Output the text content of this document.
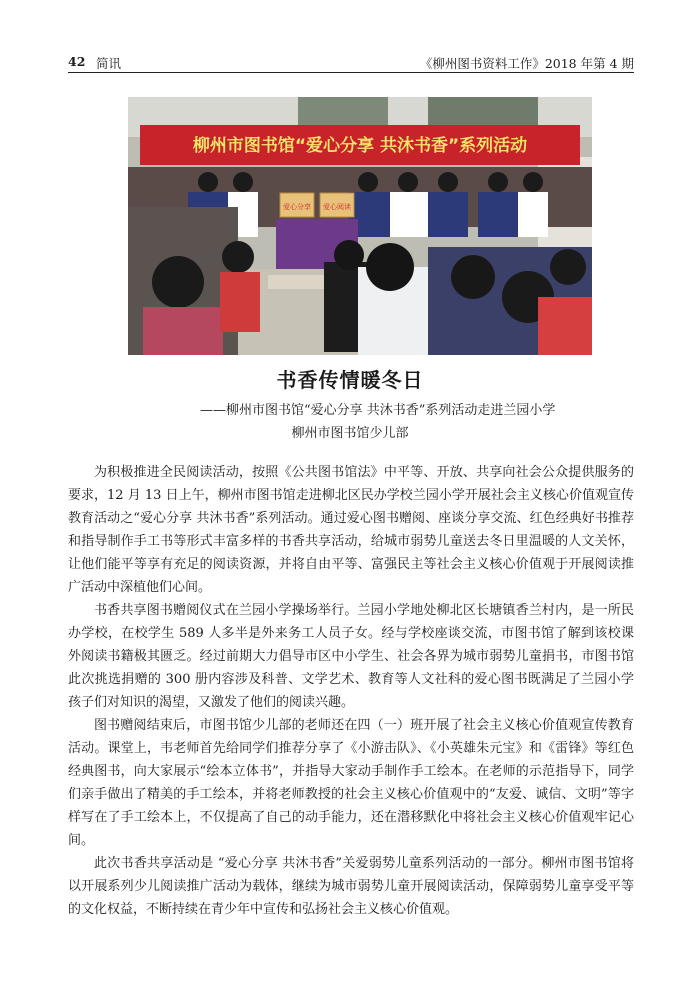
42 简讯	《柳州图书资料工作》2018 年第 4 期
柳州市图书馆“爱心分享 共沐书香”系列活动
爱心分享 爱心阅读
书香传情暖冬日
——柳州市图书馆“爱心分享 共沐书香”系列活动走进兰园小学
柳州市图书馆少儿部

为积极推进全民阅读活动，按照《公共图书馆法》中平等、开放、共享向社会公众提供服务的要求，12 月 13 日上午，柳州市图书馆走进柳北区民办学校兰园小学开展社会主义核心价值观宣传教育活动之“爱心分享 共沐书香”系列活动。通过爱心图书赠阅、座谈分享交流、红色经典好书推荐和指导制作手工书等形式丰富多样的书香共享活动，给城市弱势儿童送去冬日里温暖的人文关怀，让他们能平等享有充足的阅读资源，并将自由平等、富强民主等社会主义核心价值观于开展阅读推广活动中深植他们心间。

书香共享图书赠阅仪式在兰园小学操场举行。兰园小学地处柳北区长塘镇香兰村内，是一所民办学校，在校学生 589 人多半是外来务工人员子女。经与学校座谈交流，市图书馆了解到该校课外阅读书籍极其匮乏。经过前期大力倡导市区中小学生、社会各界为城市弱势儿童捐书，市图书馆此次挑选捐赠的 300 册内容涉及科普、文学艺术、教育等人文社科的爱心图书既满足了兰园小学孩子们对知识的渴望，又激发了他们的阅读兴趣。

图书赠阅结束后，市图书馆少儿部的老师还在四（一）班开展了社会主义核心价值观宣传教育活动。课堂上，韦老师首先给同学们推荐分享了《小游击队》、《小英雄朱元宝》和《雷锋》等红色经典图书，向大家展示“绘本立体书”，并指导大家动手制作手工绘本。在老师的示范指导下，同学们亲手做出了精美的手工绘本，并将老师教授的社会主义核心价值观中的“友爱、诚信、文明”等字样写在了手工绘本上，不仅提高了自己的动手能力，还在潜移默化中将社会主义核心价值观牢记心间。

此次书香共享活动是 “爱心分享 共沐书香”关爱弱势儿童系列活动的一部分。柳州市图书馆将以开展系列少儿阅读推广活动为载体，继续为城市弱势儿童开展阅读活动，保障弱势儿童享受平等的文化权益，不断持续在青少年中宣传和弘扬社会主义核心价值观。
